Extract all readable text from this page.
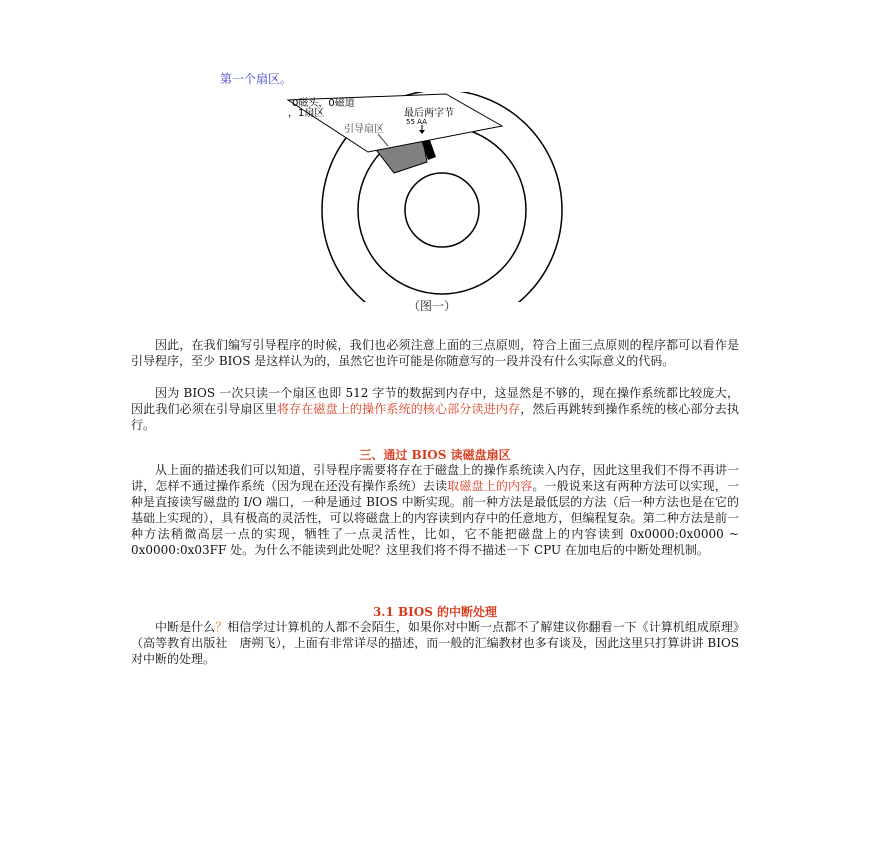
第一个扇区。
0磁头，0磁道
，1扇区	最后两字节
55 AA
引导扇区
（图一）

因此，在我们编写引导程序的时候，我们也必须注意上面的三点原则，符合上面三点原则的程序都可以看作是引导程序，至少 BIOS 是这样认为的，虽然它也许可能是你随意写的一段并没有什么实际意义的代码。

因为 BIOS 一次只读一个扇区也即 512 字节的数据到内存中，这显然是不够的，现在操作系统都比较庞大，因此我们必须在引导扇区里将存在磁盘上的操作系统的核心部分读进内存，然后再跳转到操作系统的核心部分去执行。

三、通过 BIOS 读磁盘扇区

从上面的描述我们可以知道，引导程序需要将存在于磁盘上的操作系统读入内存，因此这里我们不得不再讲一讲，怎样不通过操作系统（因为现在还没有操作系统）去读取磁盘上的内容。一般说来这有两种方法可以实现，一种是直接读写磁盘的 I/O 端口，一种是通过 BIOS 中断实现。前一种方法是最低层的方法（后一种方法也是在它的基础上实现的），具有极高的灵活性，可以将磁盘上的内容读到内存中的任意地方，但编程复杂。第二种方法是前一种方法稍微高层一点的实现，牺牲了一点灵活性，比如，它不能把磁盘上的内容读到 0x0000:0x0000 ~ 0x0000:0x03FF 处。为什么不能读到此处呢？这里我们将不得不描述一下 CPU 在加电后的中断处理机制。

3.1 BIOS 的中断处理

中断是什么？相信学过计算机的人都不会陌生，如果你对中断一点都不了解建议你翻看一下《计算机组成原理》（高等教育出版社　唐朔飞），上面有非常详尽的描述，而一般的汇编教材也多有谈及，因此这里只打算讲讲 BIOS 对中断的处理。
